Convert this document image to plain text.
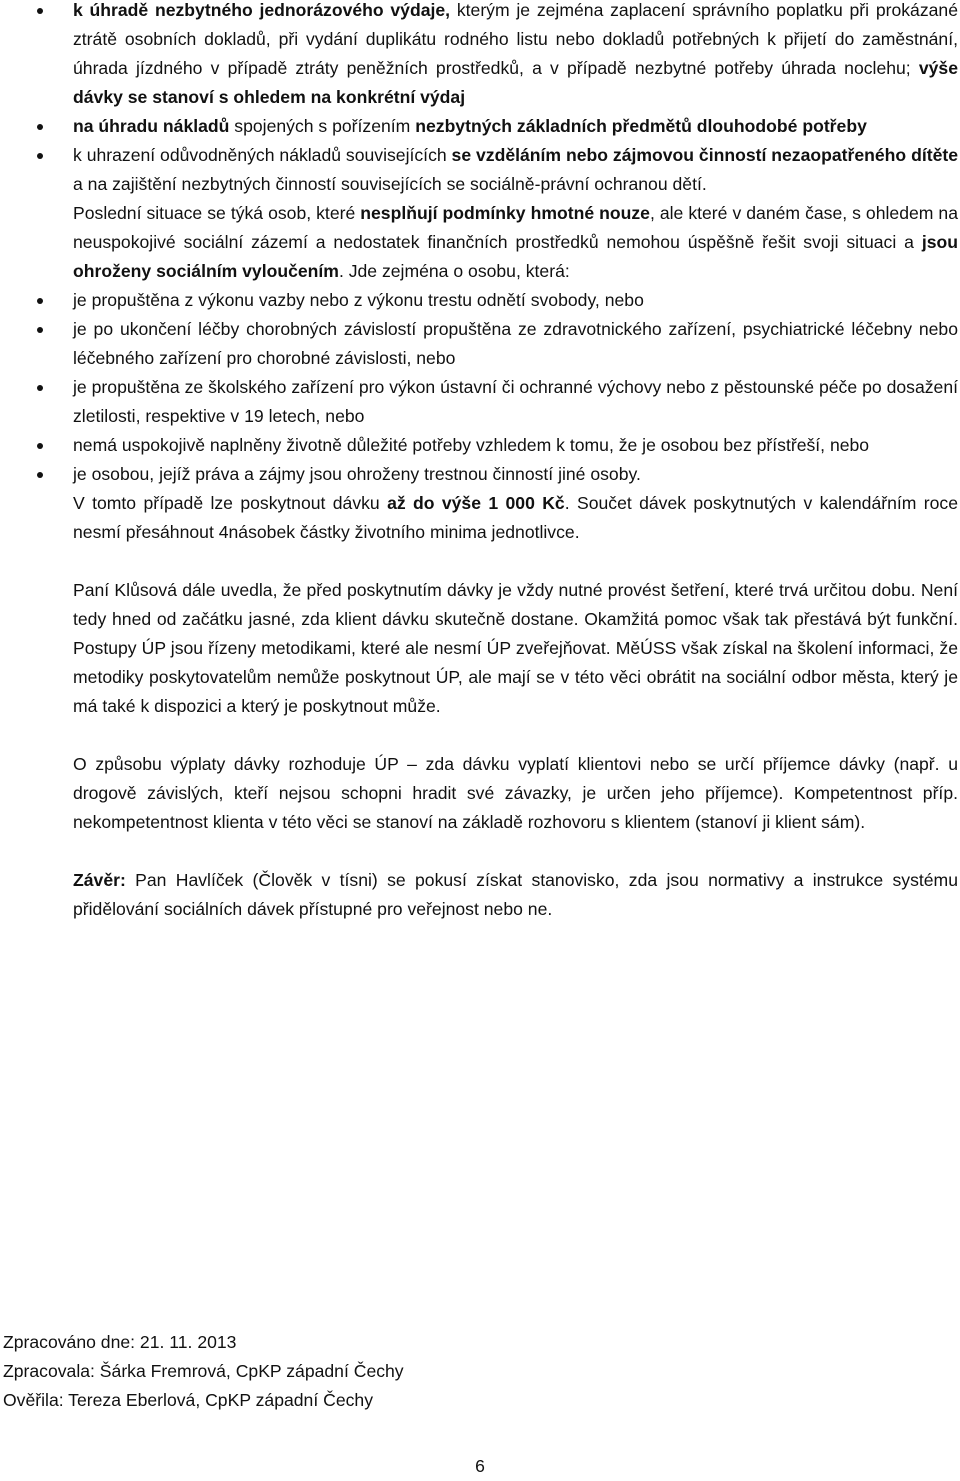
k úhradě nezbytného jednorázového výdaje, kterým je zejména zaplacení správního poplatku při prokázané ztrátě osobních dokladů, při vydání duplikátu rodného listu nebo dokladů potřebných k přijetí do zaměstnání, úhrada jízdného v případě ztráty peněžních prostředků, a v případě nezbytné potřeby úhrada noclehu; výše dávky se stanoví s ohledem na konkrétní výdaj

na úhradu nákladů spojených s pořízením nezbytných základních předmětů dlouhodobé potřeby

k uhrazení odůvodněných nákladů souvisejících se vzděláním nebo zájmovou činností nezaopatřeného dítěte a na zajištění nezbytných činností souvisejících se sociálně-právní ochranou dětí.

Poslední situace se týká osob, které nesplňují podmínky hmotné nouze, ale které v daném čase, s ohledem na neuspokojivé sociální zázemí a nedostatek finančních prostředků nemohou úspěšně řešit svoji situaci a jsou ohroženy sociálním vyloučením. Jde zejména o osobu, která:

je propuštěna z výkonu vazby nebo z výkonu trestu odnětí svobody, nebo

je po ukončení léčby chorobných závislostí propuštěna ze zdravotnického zařízení, psychiatrické léčebny nebo léčebného zařízení pro chorobné závislosti, nebo

je propuštěna ze školského zařízení pro výkon ústavní či ochranné výchovy nebo z pěstounské péče po dosažení zletilosti, respektive v 19 letech, nebo

nemá uspokojivě naplněny životně důležité potřeby vzhledem k tomu, že je osobou bez přístřeší, nebo

je osobou, jejíž práva a zájmy jsou ohroženy trestnou činností jiné osoby.

V tomto případě lze poskytnout dávku až do výše 1 000 Kč. Součet dávek poskytnutých v kalendářním roce nesmí přesáhnout 4násobek částky životního minima jednotlivce.

Paní Klůsová dále uvedla, že před poskytnutím dávky je vždy nutné provést šetření, které trvá určitou dobu. Není tedy hned od začátku jasné, zda klient dávku skutečně dostane. Okamžitá pomoc však tak přestává být funkční. Postupy ÚP jsou řízeny metodikami, které ale nesmí ÚP zveřejňovat. MěÚSS však získal na školení informaci, že metodiky poskytovatelům nemůže poskytnout ÚP, ale mají se v této věci obrátit na sociální odbor města, který je má také k dispozici a který je poskytnout může.

O způsobu výplaty dávky rozhoduje ÚP – zda dávku vyplatí klientovi nebo se určí příjemce dávky (např. u drogově závislých, kteří nejsou schopni hradit své závazky, je určen jeho příjemce). Kompetentnost příp. nekompetentnost klienta v této věci se stanoví na základě rozhovoru s klientem (stanoví ji klient sám).

Závěr: Pan Havlíček (Člověk v tísni) se pokusí získat stanovisko, zda jsou normativy a instrukce systému přidělování sociálních dávek přístupné pro veřejnost nebo ne.

Zpracováno dne: 21. 11. 2013

Zpracovala: Šárka Fremrová, CpKP západní Čechy

Ověřila: Tereza Eberlová, CpKP západní Čechy

6
